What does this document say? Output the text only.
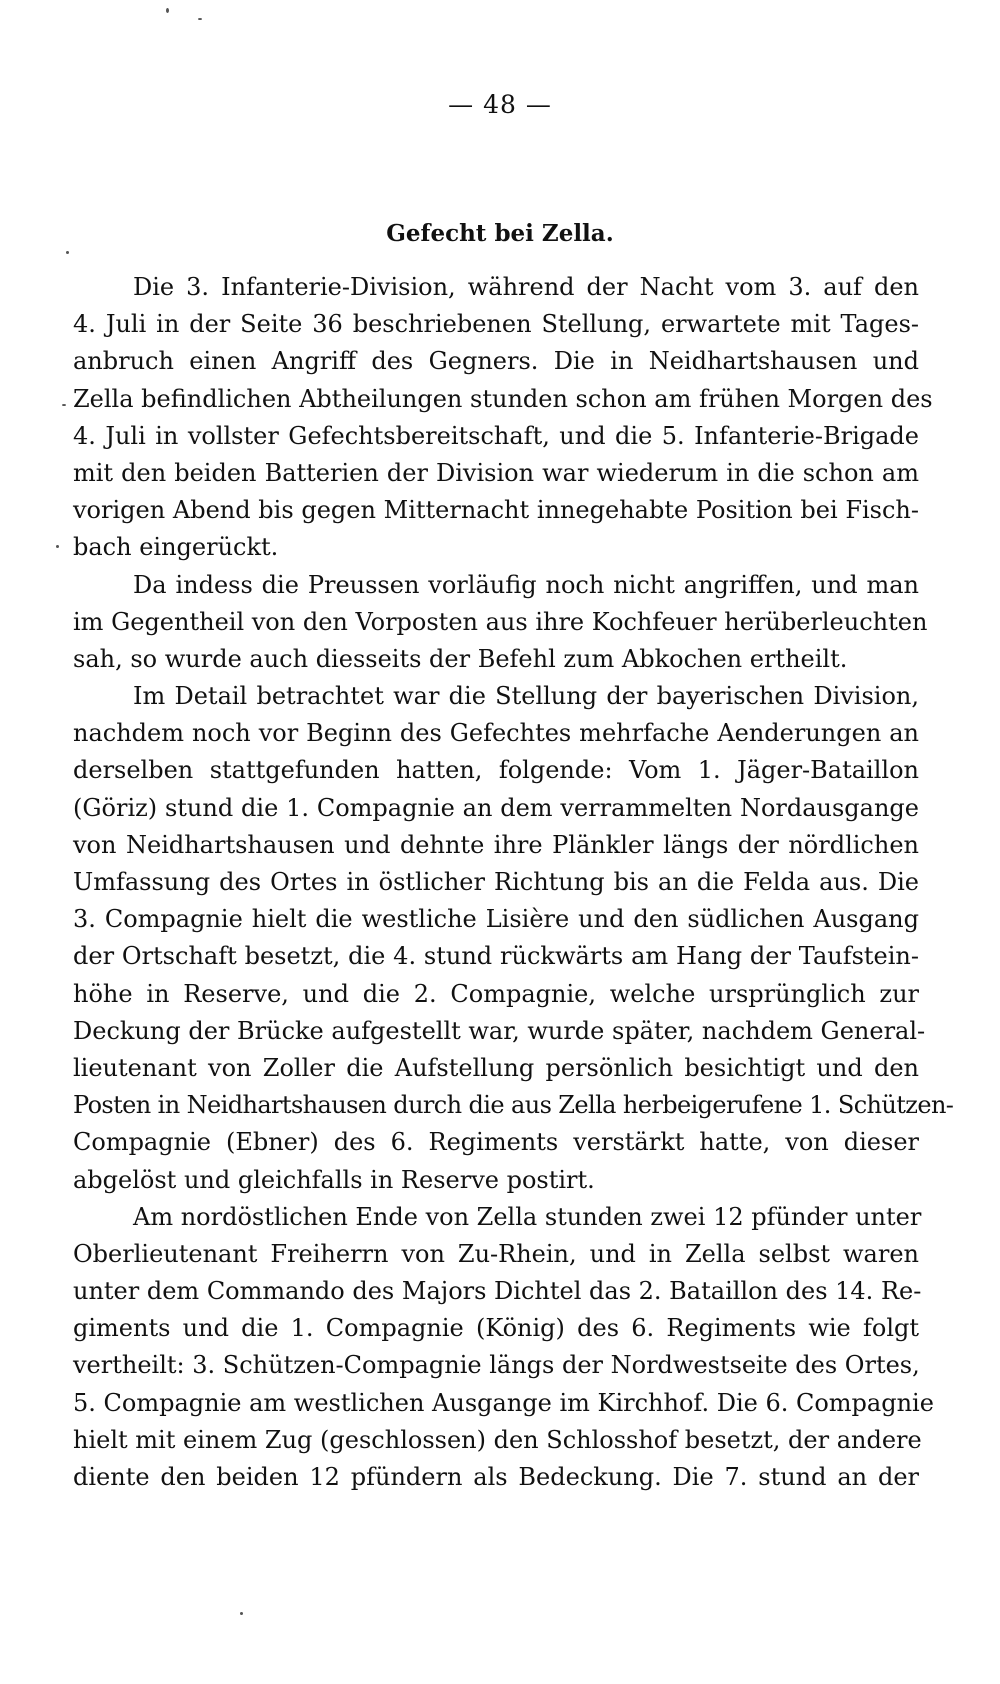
— 48 —
Gefecht bei Zella.
Die 3. Infanterie-Division, während der Nacht vom 3. auf den
4. Juli in der Seite 36 beschriebenen Stellung, erwartete mit Tages-
anbruch einen Angriff des Gegners. Die in Neidhartshausen und
Zella befindlichen Abtheilungen stunden schon am frühen Morgen des
4. Juli in vollster Gefechtsbereitschaft, und die 5. Infanterie-Brigade
mit den beiden Batterien der Division war wiederum in die schon am
vorigen Abend bis gegen Mitternacht innegehabte Position bei Fisch-
bach eingerückt.
Da indess die Preussen vorläufig noch nicht angriffen, und man
im Gegentheil von den Vorposten aus ihre Kochfeuer herüberleuchten
sah, so wurde auch diesseits der Befehl zum Abkochen ertheilt.
Im Detail betrachtet war die Stellung der bayerischen Division,
nachdem noch vor Beginn des Gefechtes mehrfache Aenderungen an
derselben stattgefunden hatten, folgende: Vom 1. Jäger-Bataillon
(Göriz) stund die 1. Compagnie an dem verrammelten Nordausgange
von Neidhartshausen und dehnte ihre Plänkler längs der nördlichen
Umfassung des Ortes in östlicher Richtung bis an die Felda aus. Die
3. Compagnie hielt die westliche Lisière und den südlichen Ausgang
der Ortschaft besetzt, die 4. stund rückwärts am Hang der Taufstein-
höhe in Reserve, und die 2. Compagnie, welche ursprünglich zur
Deckung der Brücke aufgestellt war, wurde später, nachdem General-
lieutenant von Zoller die Aufstellung persönlich besichtigt und den
Posten in Neidhartshausen durch die aus Zella herbeigerufene 1. Schützen-
Compagnie (Ebner) des 6. Regiments verstärkt hatte, von dieser
abgelöst und gleichfalls in Reserve postirt.
Am nordöstlichen Ende von Zella stunden zwei 12 pfünder unter
Oberlieutenant Freiherrn von Zu-Rhein, und in Zella selbst waren
unter dem Commando des Majors Dichtel das 2. Bataillon des 14. Re-
giments und die 1. Compagnie (König) des 6. Regiments wie folgt
vertheilt: 3. Schützen-Compagnie längs der Nordwestseite des Ortes,
5. Compagnie am westlichen Ausgange im Kirchhof. Die 6. Compagnie
hielt mit einem Zug (geschlossen) den Schlosshof besetzt, der andere
diente den beiden 12 pfündern als Bedeckung. Die 7. stund an der
